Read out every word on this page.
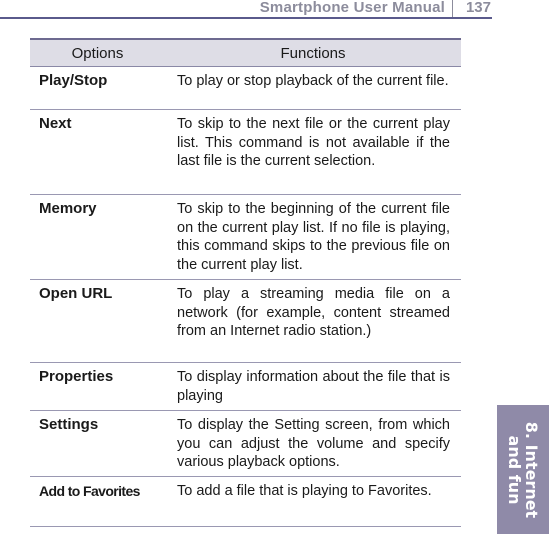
Smartphone User Manual 137
8. Internet
and fun
Options	Functions
Play/Stop	To play or stop playback of the current file.
Next	To skip to the next file or the current play list. This command is not available if the last file is the current selection.
Memory	To skip to the beginning of the current file on the current play list. If no file is playing, this command skips to the previous file on the current play list.
Open URL	To play a streaming media file on a network (for example, content streamed from an Internet radio station.)
Properties	To display information about the file that is playing
Settings	To display the Setting screen, from which you can adjust the volume and specify various playback options.
Add to Favorites	To add a file that is playing to Favorites.
